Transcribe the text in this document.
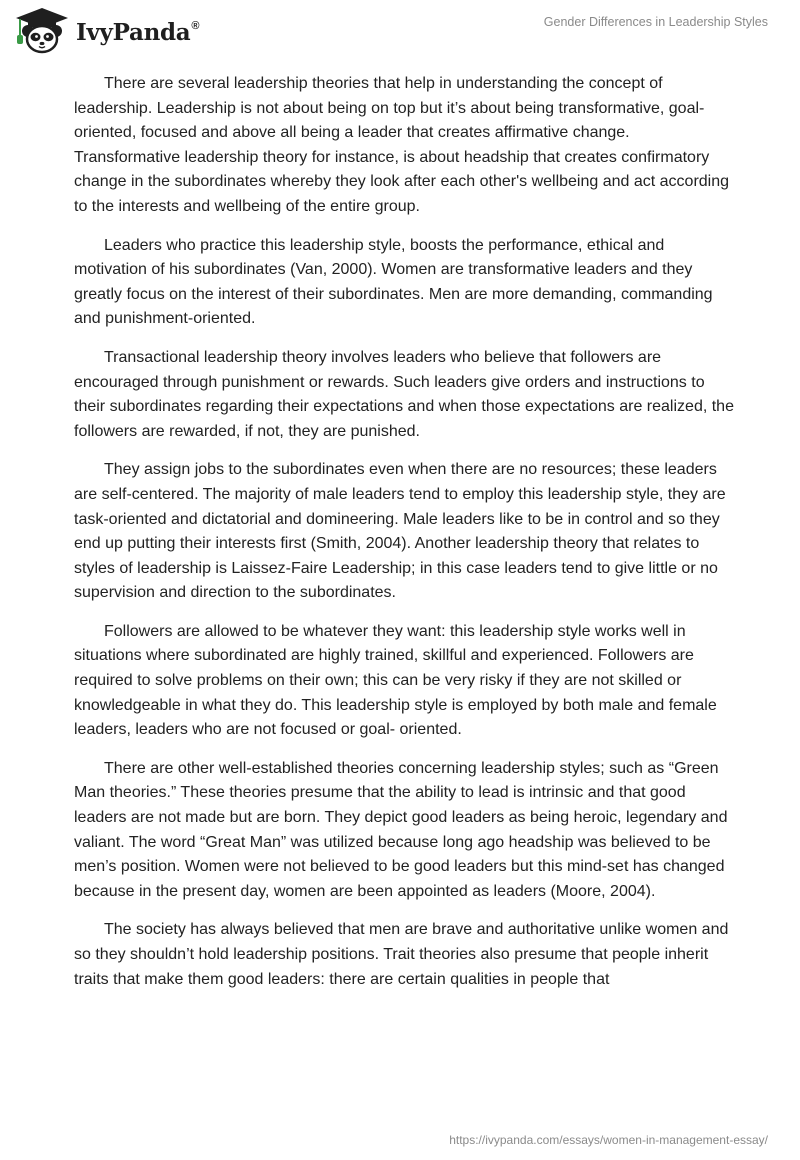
IvyPanda®	Gender Differences in Leadership Styles

There are several leadership theories that help in understanding the concept of leadership. Leadership is not about being on top but it’s about being transformative, goal-oriented, focused and above all being a leader that creates affirmative change. Transformative leadership theory for instance, is about headship that creates confirmatory change in the subordinates whereby they look after each other's wellbeing and act according to the interests and wellbeing of the entire group.

Leaders who practice this leadership style, boosts the performance, ethical and motivation of his subordinates (Van, 2000). Women are transformative leaders and they greatly focus on the interest of their subordinates. Men are more demanding, commanding and punishment-oriented.

Transactional leadership theory involves leaders who believe that followers are encouraged through punishment or rewards. Such leaders give orders and instructions to their subordinates regarding their expectations and when those expectations are realized, the followers are rewarded, if not, they are punished.

They assign jobs to the subordinates even when there are no resources; these leaders are self-centered. The majority of male leaders tend to employ this leadership style, they are task-oriented and dictatorial and domineering. Male leaders like to be in control and so they end up putting their interests first (Smith, 2004). Another leadership theory that relates to styles of leadership is Laissez-Faire Leadership; in this case leaders tend to give little or no supervision and direction to the subordinates.

Followers are allowed to be whatever they want: this leadership style works well in situations where subordinated are highly trained, skillful and experienced. Followers are required to solve problems on their own; this can be very risky if they are not skilled or knowledgeable in what they do. This leadership style is employed by both male and female leaders, leaders who are not focused or goal- oriented.

There are other well-established theories concerning leadership styles; such as “Green Man theories.” These theories presume that the ability to lead is intrinsic and that good leaders are not made but are born. They depict good leaders as being heroic, legendary and valiant. The word “Great Man” was utilized because long ago headship was believed to be men’s position. Women were not believed to be good leaders but this mind-set has changed because in the present day, women are been appointed as leaders (Moore, 2004).

The society has always believed that men are brave and authoritative unlike women and so they shouldn’t hold leadership positions. Trait theories also presume that people inherit traits that make them good leaders: there are certain qualities in people that

https://ivypanda.com/essays/women-in-management-essay/
